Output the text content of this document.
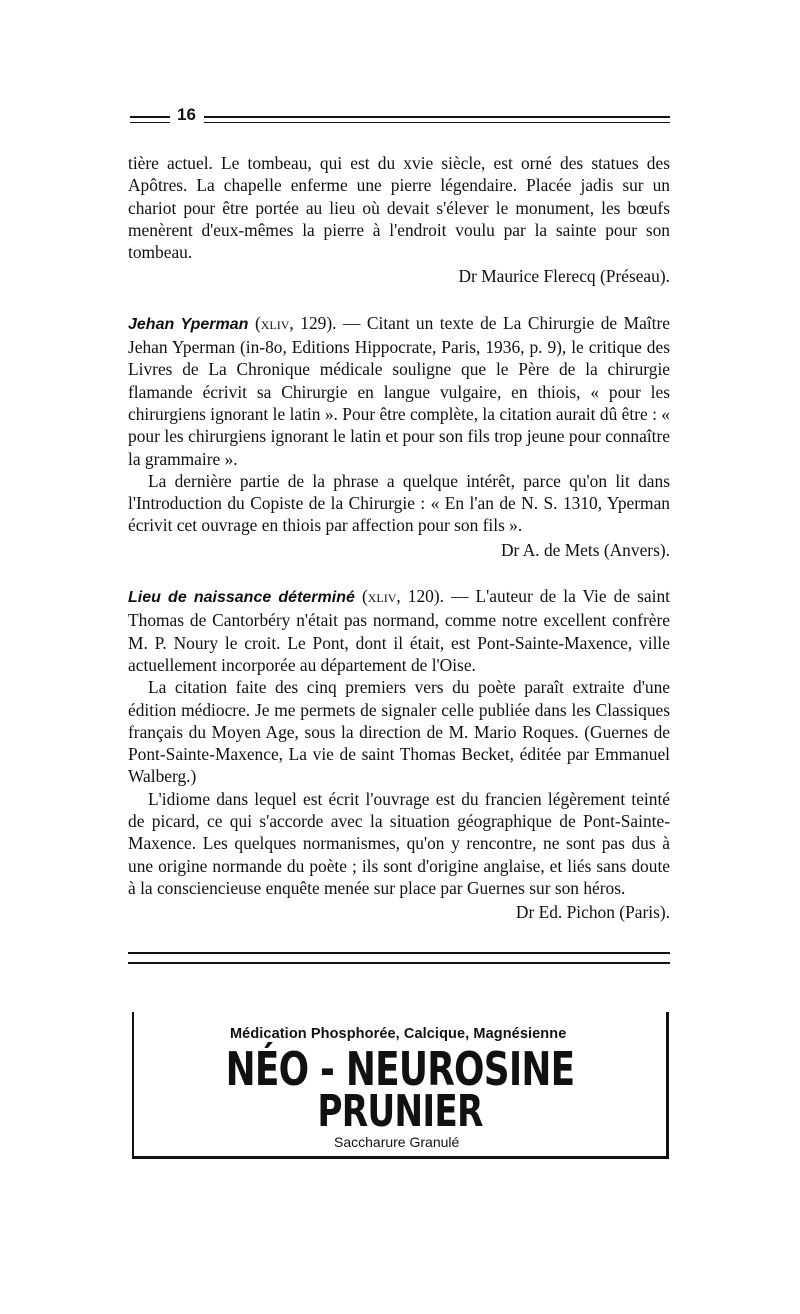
16

tière actuel. Le tombeau, qui est du xvie siècle, est orné des statues des Apôtres. La chapelle enferme une pierre légendaire. Placée jadis sur un chariot pour être portée au lieu où devait s'élever le monument, les bœufs menèrent d'eux-mêmes la pierre à l'endroit voulu par la sainte pour son tombeau.

Dr Maurice Flerecq (Préseau).

Jehan Yperman (xliv, 129). — Citant un texte de La Chirurgie de Maître Jehan Yperman (in-8o, Editions Hippocrate, Paris, 1936, p. 9), le critique des Livres de La Chronique médicale souligne que le Père de la chirurgie flamande écrivit sa Chirurgie en langue vulgaire, en thiois, « pour les chirurgiens ignorant le latin ». Pour être complète, la citation aurait dû être : « pour les chirurgiens ignorant le latin et pour son fils trop jeune pour connaître la grammaire ».

La dernière partie de la phrase a quelque intérêt, parce qu'on lit dans l'Introduction du Copiste de la Chirurgie : « En l'an de N. S. 1310, Yperman écrivit cet ouvrage en thiois par affection pour son fils ».

Dr A. de Mets (Anvers).

Lieu de naissance déterminé (xliv, 120). — L'auteur de la Vie de saint Thomas de Cantorbéry n'était pas normand, comme notre excellent confrère M. P. Noury le croit. Le Pont, dont il était, est Pont-Sainte-Maxence, ville actuellement incorporée au département de l'Oise.

La citation faite des cinq premiers vers du poète paraît extraite d'une édition médiocre. Je me permets de signaler celle publiée dans les Classiques français du Moyen Age, sous la direction de M. Mario Roques. (Guernes de Pont-Sainte-Maxence, La vie de saint Thomas Becket, éditée par Emmanuel Walberg.)

L'idiome dans lequel est écrit l'ouvrage est du francien légèrement teinté de picard, ce qui s'accorde avec la situation géographique de Pont-Sainte-Maxence. Les quelques normanismes, qu'on y rencontre, ne sont pas dus à une origine normande du poète ; ils sont d'origine anglaise, et liés sans doute à la consciencieuse enquête menée sur place par Guernes sur son héros.

Dr Ed. Pichon (Paris).

Médication Phosphorée, Calcique, Magnésienne
NÉO - NEUROSINE
PRUNIER
Saccharure Granulé
